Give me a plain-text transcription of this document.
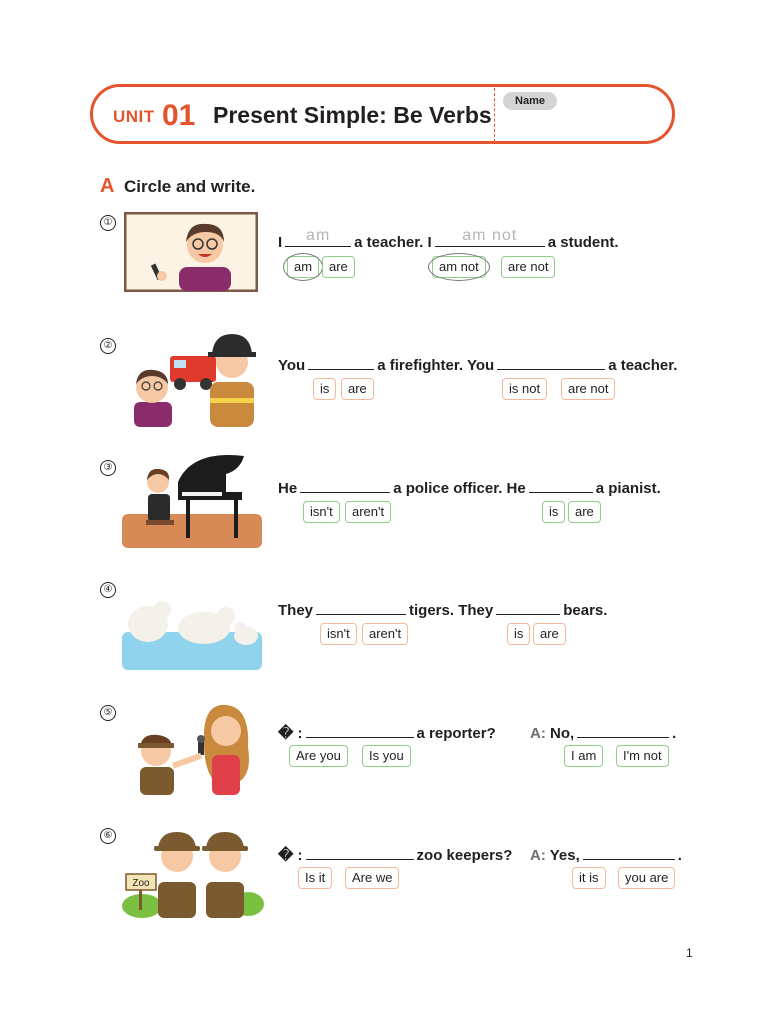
UNIT 01 Present Simple: Be Verbs
Name
A Circle and write.
①
I	am	a teacher. I	am not	a student.
am	are	am not	are not
②
You	a firefighter. You	a teacher.
is	are	is not	are not
③
He	a police officer. He	a pianist.
isn't	aren't	is	are
④
They	tigers. They	bears.
isn't	aren't	is	are
⑤
� :	a reporter? A: No,	.
Are you	Is you	I am	I'm not
⑥
Zoo
� :	zoo keepers? A: Yes,	.
Is it	Are we	it is	you are
1
